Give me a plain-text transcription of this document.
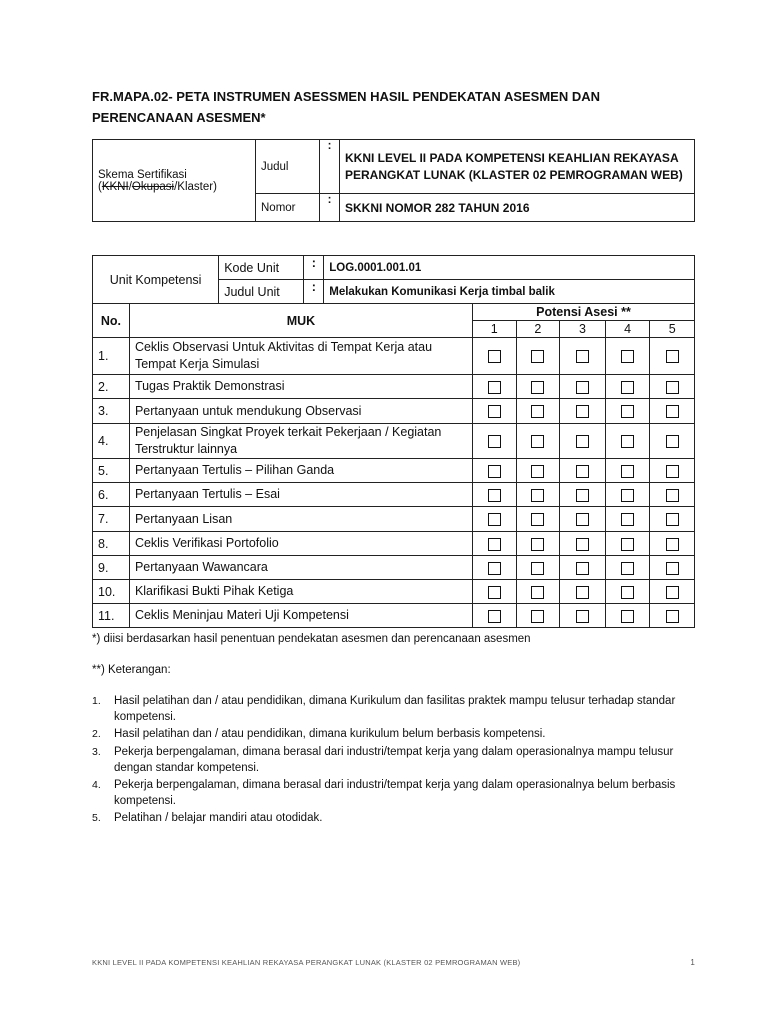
FR.MAPA.02- PETA INSTRUMEN ASESSMEN HASIL PENDEKATAN ASESMEN DAN PERENCANAAN ASESMEN*
Skema Sertifikasi
(KKNI/Okupasi/Klaster)	Judul	:	KKNI LEVEL II PADA KOMPETENSI KEAHLIAN REKAYASA PERANGKAT LUNAK (KLASTER 02 PEMROGRAMAN WEB)
	Nomor	:	SKKNI NOMOR 282 TAHUN 2016
Unit Kompetensi		Kode Unit	:	LOG.0001.001.01					
		Judul Unit	:	Melakukan Komunikasi Kerja timbal balik					
No.	MUK				Potensi Asesi **				
					1	2	3	4	5
1.	Ceklis Observasi Untuk Aktivitas di Tempat Kerja atau Tempat Kerja Simulasi								
2.	Tugas Praktik Demonstrasi								
3.	Pertanyaan untuk mendukung Observasi								
4.	Penjelasan Singkat Proyek terkait Pekerjaan / Kegiatan Terstruktur lainnya								
5.	Pertanyaan Tertulis – Pilihan Ganda								
6.	Pertanyaan Tertulis – Esai								
7.	Pertanyaan Lisan								
8.	Ceklis Verifikasi Portofolio								
9.	Pertanyaan Wawancara								
10.	Klarifikasi Bukti Pihak Ketiga								
11.	Ceklis Meninjau Materi Uji Kompetensi								

*) diisi berdasarkan hasil penentuan pendekatan asesmen dan perencanaan asesmen

**) Keterangan:

1. Hasil pelatihan dan / atau pendidikan, dimana Kurikulum dan fasilitas praktek mampu telusur terhadap standar kompetensi.
2. Hasil pelatihan dan / atau pendidikan, dimana kurikulum belum berbasis kompetensi.
3. Pekerja berpengalaman, dimana berasal dari industri/tempat kerja yang dalam operasionalnya mampu telusur dengan standar kompetensi.
4. Pekerja berpengalaman, dimana berasal dari industri/tempat kerja yang dalam operasionalnya belum berbasis kompetensi.
5. Pelatihan / belajar mandiri atau otodidak.
KKNI LEVEL II PADA KOMPETENSI KEAHLIAN REKAYASA PERANGKAT LUNAK (KLASTER 02 PEMROGRAMAN WEB)	1
